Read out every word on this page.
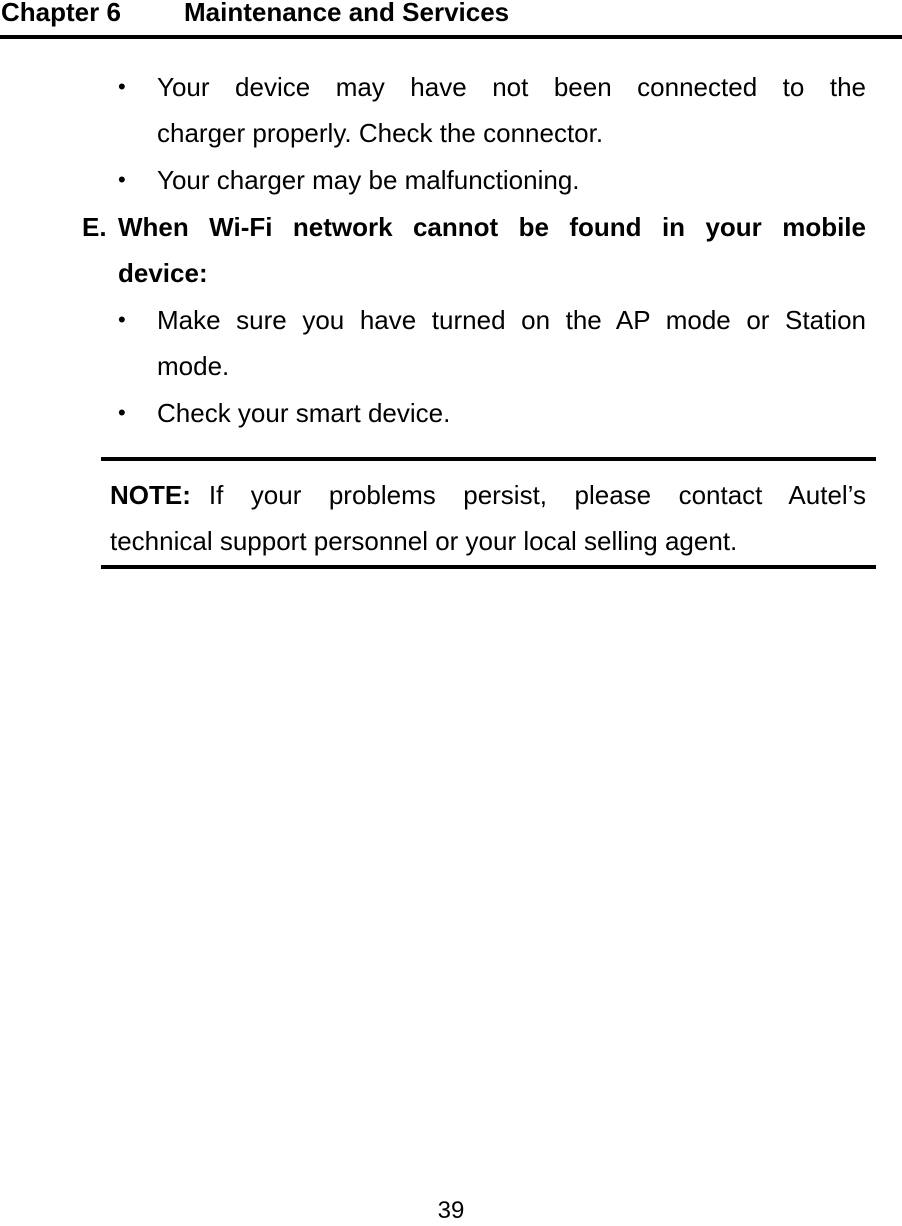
Chapter 6 Maintenance and Services
• Your device may have not been connected to the
charger properly. Check the connector.
• Your charger may be malfunctioning.
E. When Wi-Fi network cannot be found in your mobile
device:
• Make sure you have turned on the AP mode or Station
mode.
• Check your smart device.
NOTE: If your problems persist, please contact Autel’s
technical support personnel or your local selling agent.
39
